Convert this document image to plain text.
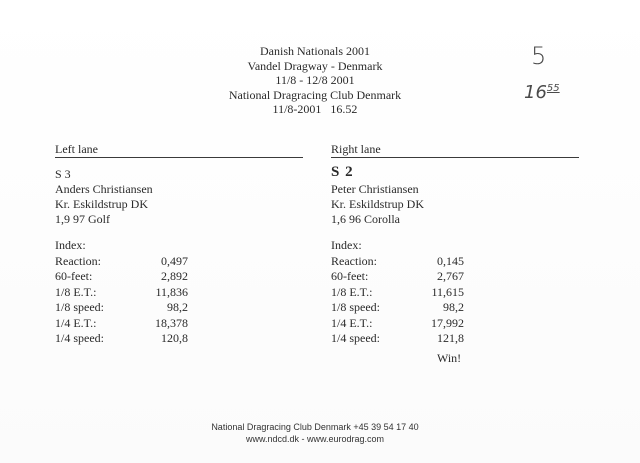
Danish Nationals 2001
Vandel Dragway - Denmark
11/8 - 12/8 2001
National Dragracing Club Denmark
11/8-2001   16.52
5
$16^{55}$
Left lane
S 3
Anders Christiansen
Kr. Eskildstrup DK
1,9 97 Golf
Index:
Reaction:	0,497
60-feet:	2,892
1/8 E.T.:	11,836
1/8 speed:	98,2
1/4 E.T.:	18,378
1/4 speed:	120,8
Right lane
S 2
Peter Christiansen
Kr. Eskildstrup DK
1,6 96 Corolla
Index:
Reaction:	0,145
60-feet:	2,767
1/8 E.T.:	11,615
1/8 speed:	98,2
1/4 E.T.:	17,992
1/4 speed:	121,8
Win!
National Dragracing Club Denmark +45 39 54 17 40
www.ndcd.dk - www.eurodrag.com
